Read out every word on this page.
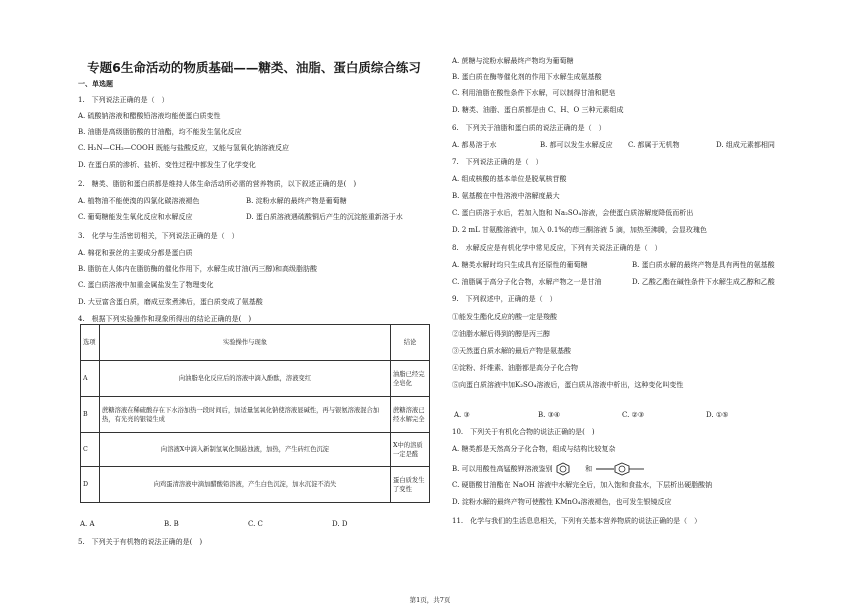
专题6生命活动的物质基础——糖类、油脂、蛋白质综合练习
一、单选题
1.　下列说法正确的是（　）
A. 硫酸钠溶液和醋酸铅溶液均能使蛋白质变性
B. 油脂是高级脂肪酸的甘油酯，均不能发生氢化反应
C. H₂N—CH₂—COOH 既能与盐酸反应，又能与氢氧化钠溶液反应
D. 在蛋白质的渗析、盐析、变性过程中都发生了化学变化
2.　糖类、脂肪和蛋白质都是维持人体生命活动所必需的营养物质，以下叙述正确的是(　)
A. 植物油不能使溴的四氯化碳溶液褪色	B. 淀粉水解的最终产物是葡萄糖
C. 葡萄糖能发生氧化反应和水解反应	D. 蛋白质溶液遇硫酸铜后产生的沉淀能重新溶于水
3.　化学与生活密切相关，下列说法正确的是（　）
A. 棉花和蚕丝的主要成分都是蛋白质
B. 脂肪在人体内在脂肪酶的催化作用下，水解生成甘油(丙三醇)和高级脂肪酸
C. 蛋白质溶液中加重金属盐发生了物理变化
D. 大豆富含蛋白质，磨成豆浆煮沸后，蛋白质变成了氨基酸
4.　根据下列实验操作和现象所得出的结论正确的是(　)
选项	实验操作与现象	结论
A	向油脂皂化反应后的溶液中滴入酚酞，溶液变红	油脂已经完全皂化
B	蔗糖溶液在稀硫酸存在下水浴加热一段时间后，加适量氢氧化钠使溶液显碱性，再与银氨溶液混合加热，有光亮的银镜生成	蔗糖溶液已经水解完全
C	向溶液X中滴入新制氢氧化铜悬浊液，加热，产生砖红色沉淀	X中的溶质一定是醛
D	向鸡蛋清溶液中滴加醋酸铅溶液，产生白色沉淀，加水沉淀不消失	蛋白质发生了变性
A. A	B. B	C. C	D. D
5.　下列关于有机物的说法正确的是(　)
A. 蔗糖与淀粉水解最终产物均为葡萄糖
B. 蛋白质在酶等催化剂的作用下水解生成氨基酸
C. 利用油脂在酸性条件下水解，可以制得甘油和肥皂
D. 糖类、油脂、蛋白质都是由 C、H、O 三种元素组成
6.　下列关于油脂和蛋白质的说法正确的是（　）
A. 都易溶于水	B. 都可以发生水解反应 C. 都属于无机物	D. 组成元素都相同
7.　下列说法正确的是（　）
A. 组成核酸的基本单位是脱氧核苷酸
B. 氨基酸在中性溶液中溶解度最大
C. 蛋白质溶于水后，若加入饱和 Na₂SO₄溶液，会使蛋白质溶解度降低而析出
D. 2 mL 甘氨酸溶液中，加入 0.1%的茚三酮溶液 5 滴，加热至沸腾，会显玫瑰色
8.　水解反应是有机化学中常见反应，下列有关说法正确的是（　）
A. 糖类水解时均只生成具有还原性的葡萄糖	B. 蛋白质水解的最终产物是具有两性的氨基酸
C. 油脂属于高分子化合物，水解产物之一是甘油	D. 乙酸乙酯在碱性条件下水解生成乙醇和乙酸
9.　下列叙述中，正确的是（　）
①能发生酯化反应的酸一定是羧酸
②油脂水解后得到的醇是丙三醇
③天然蛋白质水解的最后产物是氨基酸
④淀粉、纤维素、油脂都是高分子化合物
⑤向蛋白质溶液中加K₂SO₄溶液后，蛋白质从溶液中析出，这种变化叫变性
A. ③	B. ③④	C. ②③	D. ①⑤
10.　下列关于有机化合物的说法正确的是(　)
A. 糖类都是天然高分子化合物，组成与结构比较复杂
B. 可以用酸性高锰酸钾溶液鉴别	和
C. 硬脂酸甘油酯在 NaOH 溶液中水解完全后，加入饱和食盐水，下层析出硬脂酸钠
D. 淀粉水解的最终产物可使酸性 KMnO₄溶液褪色，也可发生银镜反应
11.　化学与我们的生活息息相关，下列有关基本营养物质的说法正确的是（　）
第1页，共7页
